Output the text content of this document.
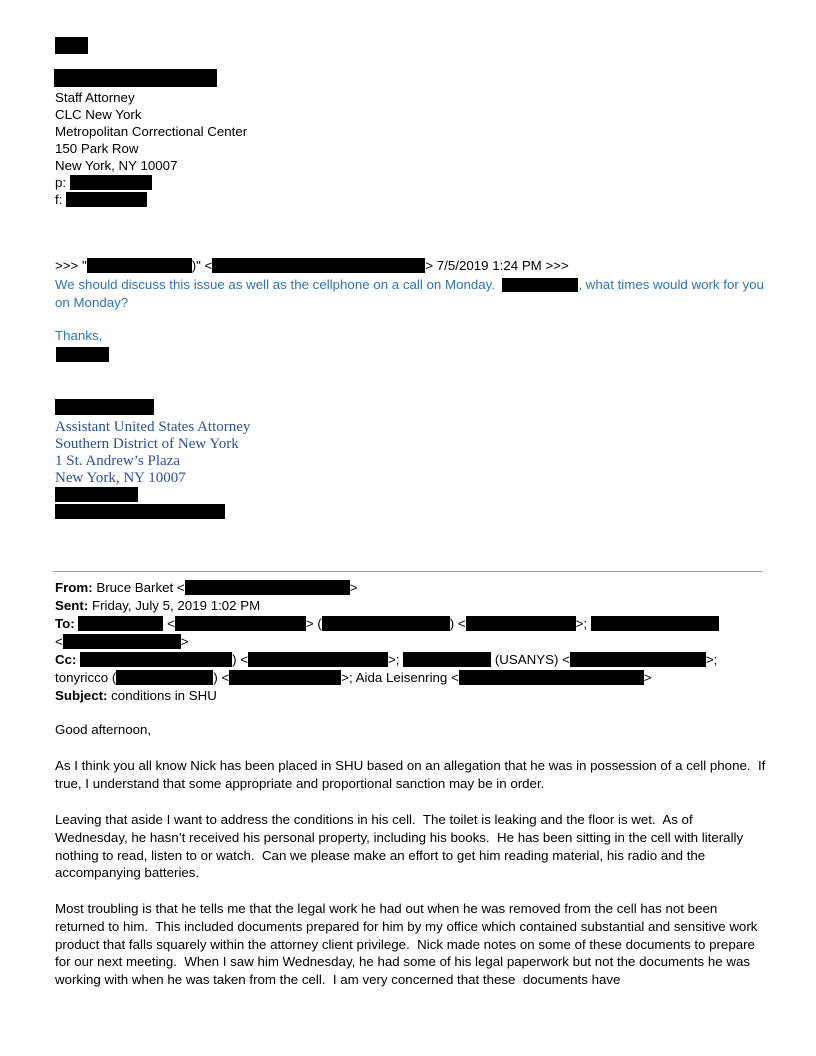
Staff Attorney
CLC New York
Metropolitan Correctional Center
150 Park Row
New York, NY 10007
p:
f:
>>> "	)" <	> 7/5/2019 1:24 PM >>>
We should discuss this issue as well as the cellphone on a call on Monday.	, what times would work for you on Monday?
Thanks,
Assistant United States Attorney
Southern District of New York
1 St. Andrew’s Plaza
New York, NY 10007
From: Bruce Barket <	>
Sent: Friday, July 5, 2019 1:02 PM
To:	<	> (	) <	>;
<	>
Cc:	) <	>;	(USANYS) <	>;
tonyricco (	) <	>; Aida Leisenring <	>
Subject: conditions in SHU
Good afternoon,
As I think you all know Nick has been placed in SHU based on an allegation that he was in possession of a cell phone.  If true, I understand that some appropriate and proportional sanction may be in order.
Leaving that aside I want to address the conditions in his cell.  The toilet is leaking and the floor is wet.  As of Wednesday, he hasn’t received his personal property, including his books.  He has been sitting in the cell with literally nothing to read, listen to or watch.  Can we please make an effort to get him reading material, his radio and the accompanying batteries.
Most troubling is that he tells me that the legal work he had out when he was removed from the cell has not been returned to him.  This included documents prepared for him by my office which contained substantial and sensitive work product that falls squarely within the attorney client privilege.  Nick made notes on some of these documents to prepare for our next meeting.  When I saw him Wednesday, he had some of his legal paperwork but not the documents he was working with when he was taken from the cell.  I am very concerned that these  documents have
